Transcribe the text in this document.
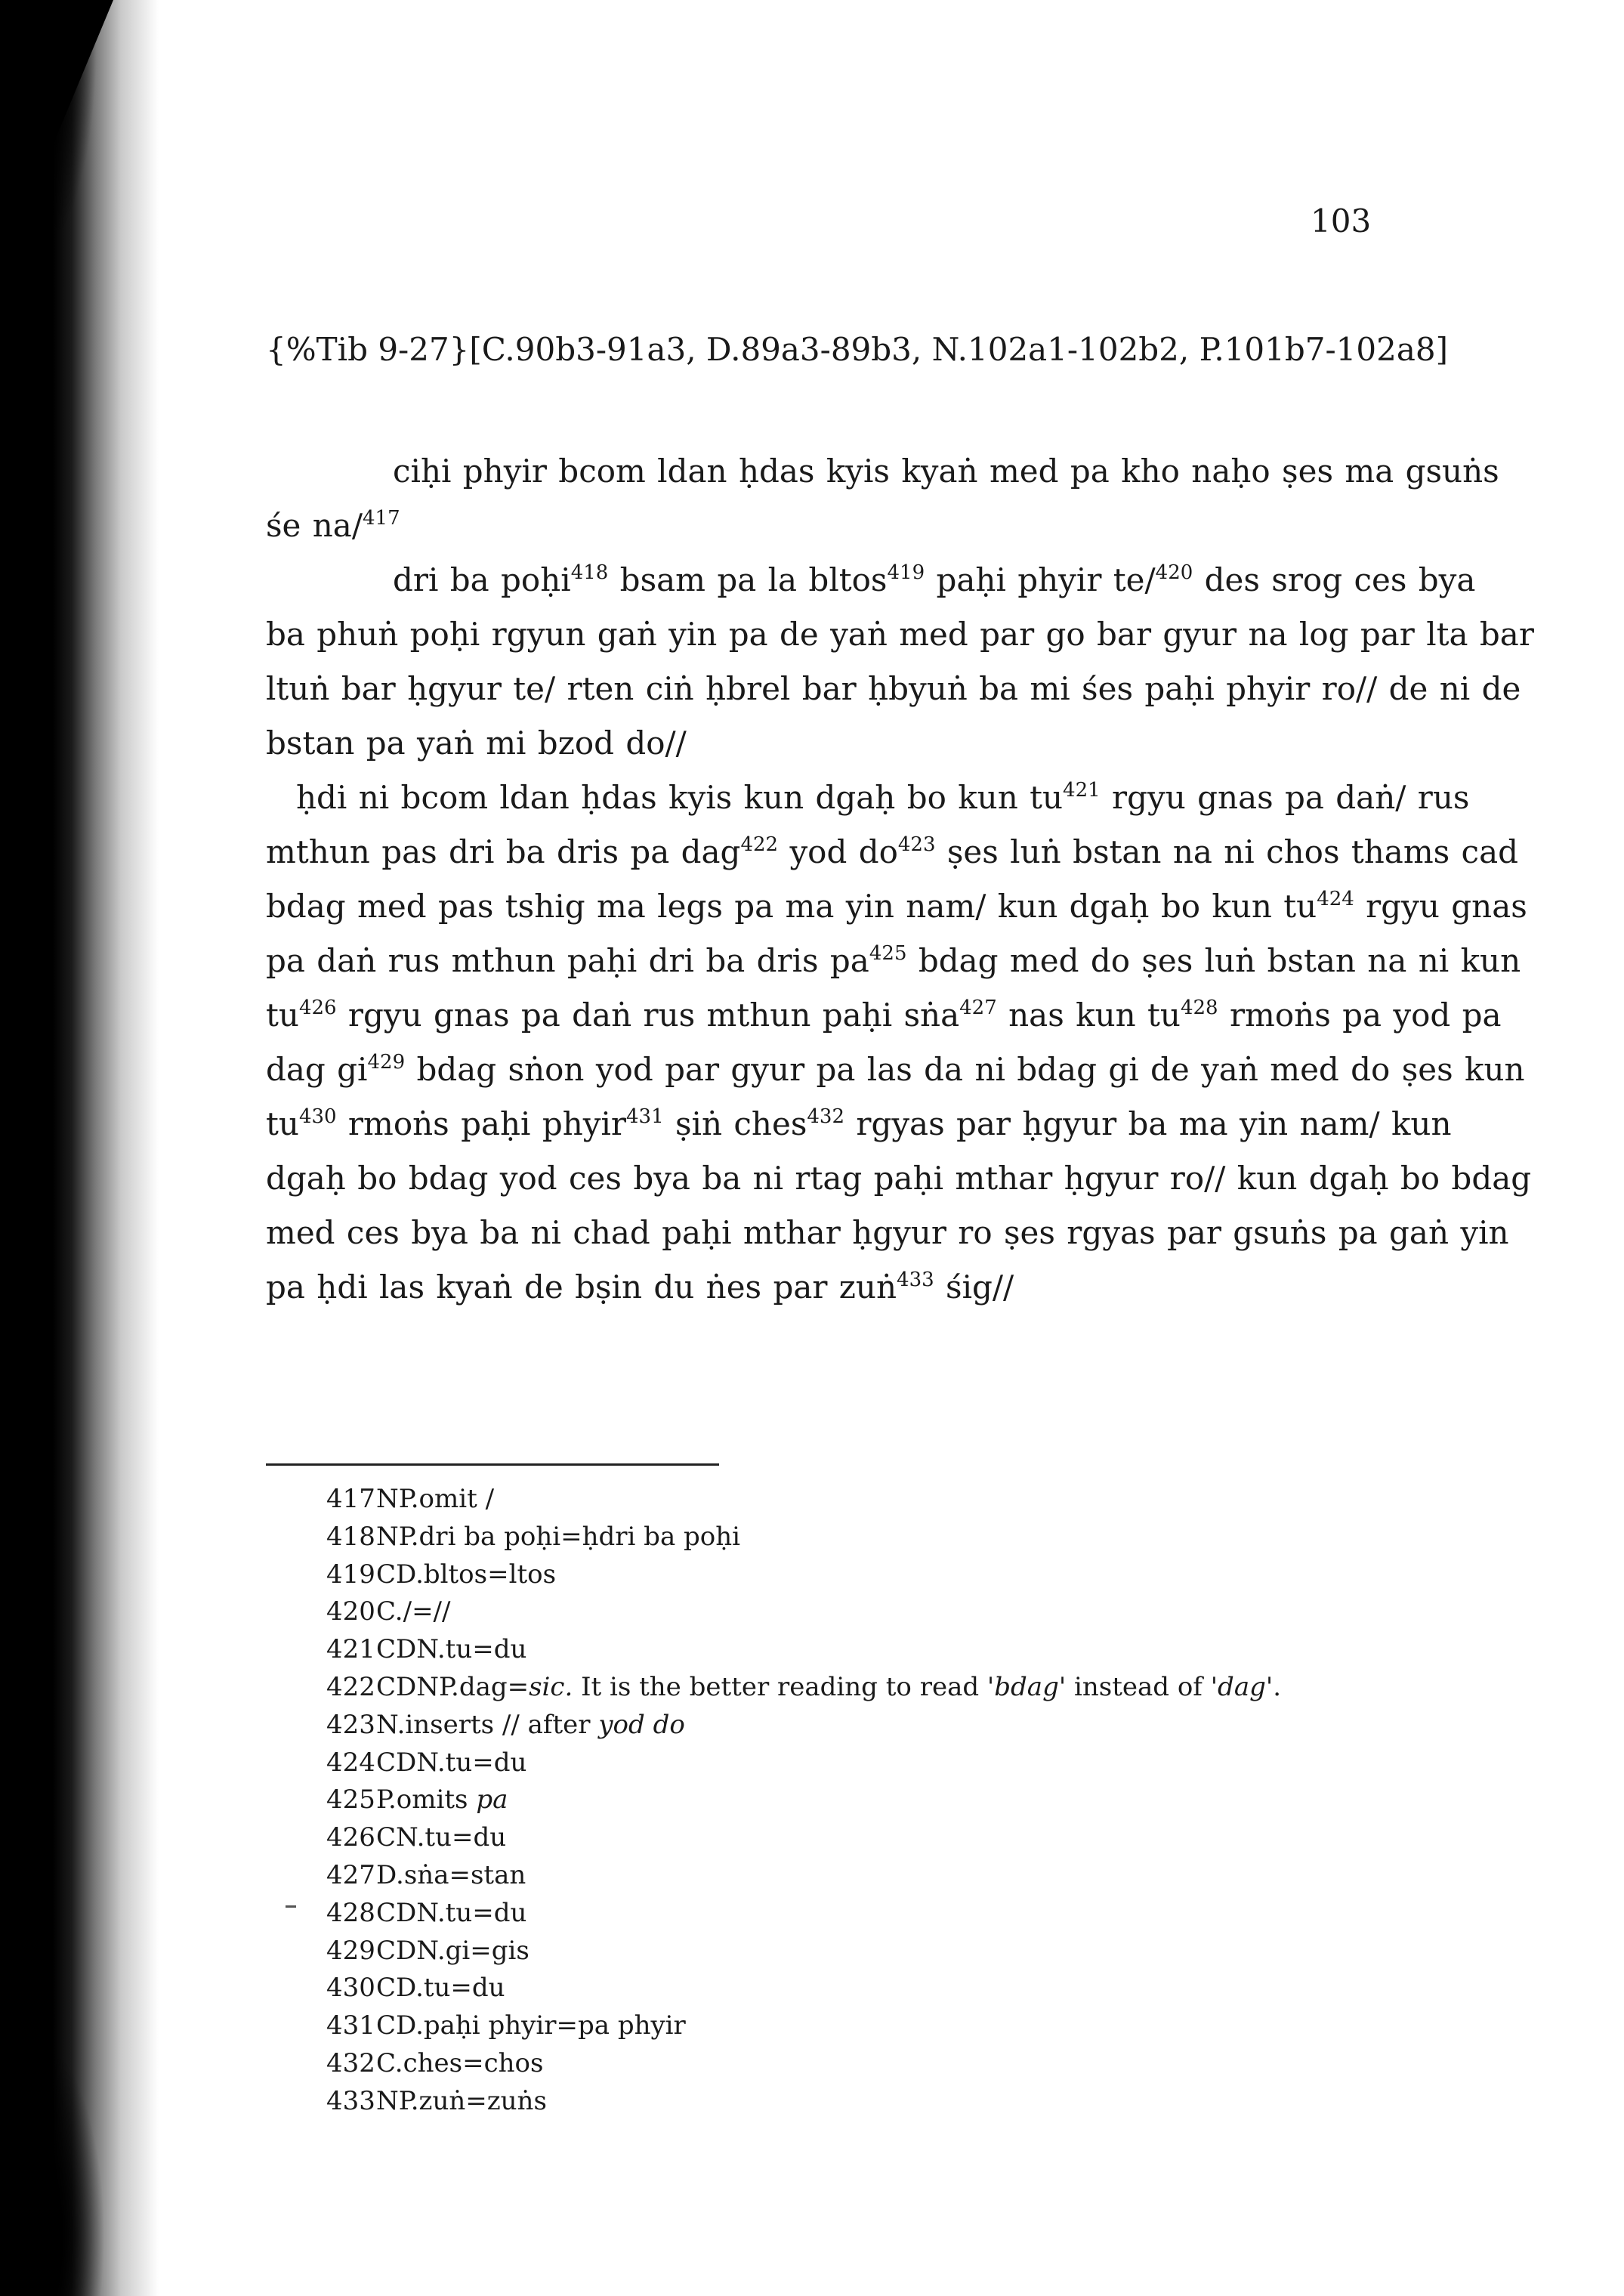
103
{%Tib 9-27}[C.90b3-91a3, D.89a3-89b3, N.102a1-102b2, P.101b7-102a8]
ciḥi phyir bcom ldan ḥdas kyis kyaṅ med pa kho naḥo ṣes ma gsuṅs
śe na/$^{417}$
dri ba poḥi$^{418}$ bsam pa la bltos$^{419}$ paḥi phyir te/$^{420}$ des srog ces bya
ba phuṅ poḥi rgyun gaṅ yin pa de yaṅ med par go bar gyur na log par lta bar
ltuṅ bar ḥgyur te/ rten ciṅ ḥbrel bar ḥbyuṅ ba mi śes paḥi phyir ro// de ni de
bstan pa yaṅ mi bzod do//
ḥdi ni bcom ldan ḥdas kyis kun dgaḥ bo kun $tu^{421}$ rgyu gnas pa daṅ/ rus
mthun pas dri ba dris pa dag$^{422}$ yod $do^{423}$ ṣes luṅ bstan na ni chos thams cad
bdag med pas tshig ma legs pa ma yin nam/ kun dgaḥ bo kun $tu^{424}$ rgyu gnas
pa daṅ rus mthun paḥi dri ba dris $pa^{425}$ bdag med do ṣes luṅ bstan na ni kun
$tu^{426}$ rgyu gnas pa daṅ rus mthun paḥi sṅa$^{427}$ nas kun $tu^{428}$ rmoṅs pa yod pa
dag $gi^{429}$ bdag sṅon yod par gyur pa las da ni bdag gi de yaṅ med do ṣes kun
$tu^{430}$ rmoṅs paḥi phyir$^{431}$ ṣiṅ ches$^{432}$ rgyas par ḥgyur ba ma yin nam/ kun
dgaḥ bo bdag yod ces bya ba ni rtag paḥi mthar ḥgyur ro// kun dgaḥ bo bdag
med ces bya ba ni chad paḥi mthar ḥgyur ro ṣes rgyas par gsuṅs pa gaṅ yin
pa ḥdi las kyaṅ de bṣin du ṅes par zuṅ$^{433}$ śig//
417NP.omit /
418NP.dri ba poḥi=ḥdri ba poḥi
419CD.bltos=ltos
420C./=//
421CDN.tu=du
422CDNP.dag=sic. It is the better reading to read 'bdag' instead of 'dag'.
423N.inserts // after yod do
424CDN.tu=du
425P.omits pa
426CN.tu=du
427D.sṅa=stan
428CDN.tu=du
429CDN.gi=gis
430CD.tu=du
431CD.paḥi phyir=pa phyir
432C.ches=chos
433NP.zuṅ=zuṅs
